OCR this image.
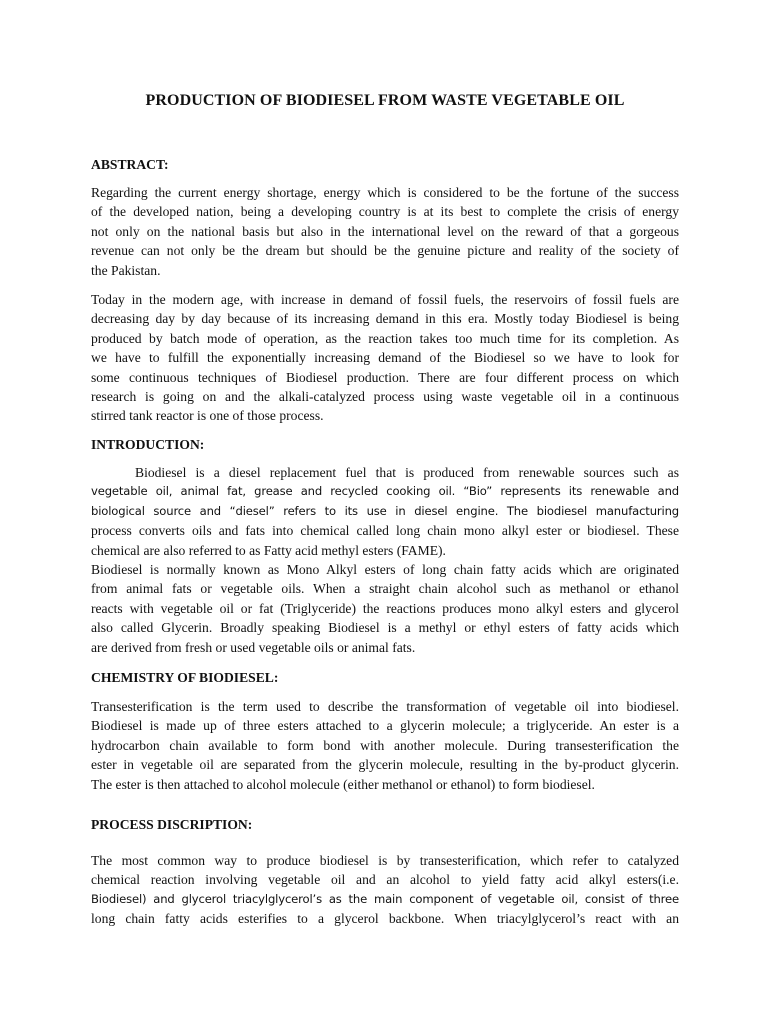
PRODUCTION OF BIODIESEL FROM WASTE VEGETABLE OIL
ABSTRACT:
Regarding the current energy shortage, energy which is considered to be the fortune of the success
of the developed nation, being a developing country is at its best to complete the crisis of energy
not only on the national basis but also in the international level on the reward of that a gorgeous
revenue can not only be the dream but should be the genuine picture and reality of the society of
the Pakistan.
Today in the modern age, with increase in demand of fossil fuels, the reservoirs of fossil fuels are
decreasing day by day because of its increasing demand in this era. Mostly today Biodiesel is being
produced by batch mode of operation, as the reaction takes too much time for its completion. As
we have to fulfill the exponentially increasing demand of the Biodiesel so we have to look for
some continuous techniques of Biodiesel production. There are four different process on which
research is going on and the alkali-catalyzed process using waste vegetable oil in a continuous
stirred tank reactor is one of those process.
INTRODUCTION:
Biodiesel is a diesel replacement fuel that is produced from renewable sources such as
vegetable oil, animal fat, grease and recycled cooking oil. “Bio” represents its renewable and
biological source and “diesel” refers to its use in diesel engine. The biodiesel manufacturing
process converts oils and fats into chemical called long chain mono alkyl ester or biodiesel. These
chemical are also referred to as Fatty acid methyl esters (FAME).
Biodiesel is normally known as Mono Alkyl esters of long chain fatty acids which are originated
from animal fats or vegetable oils. When a straight chain alcohol such as methanol or ethanol
reacts with vegetable oil or fat (Triglyceride) the reactions produces mono alkyl esters and glycerol
also called Glycerin. Broadly speaking Biodiesel is a methyl or ethyl esters of fatty acids which
are derived from fresh or used vegetable oils or animal fats.
CHEMISTRY OF BIODIESEL:
Transesterification is the term used to describe the transformation of vegetable oil into biodiesel.
Biodiesel is made up of three esters attached to a glycerin molecule; a triglyceride. An ester is a
hydrocarbon chain available to form bond with another molecule. During transesterification the
ester in vegetable oil are separated from the glycerin molecule, resulting in the by-product glycerin.
The ester is then attached to alcohol molecule (either methanol or ethanol) to form biodiesel.
PROCESS DISCRIPTION:
The most common way to produce biodiesel is by transesterification, which refer to catalyzed
chemical reaction involving vegetable oil and an alcohol to yield fatty acid alkyl esters(i.e.
Biodiesel) and glycerol triacylglycerol’s as the main component of vegetable oil, consist of three
long chain fatty acids esterifies to a glycerol backbone. When triacylglycerol’s react with an
